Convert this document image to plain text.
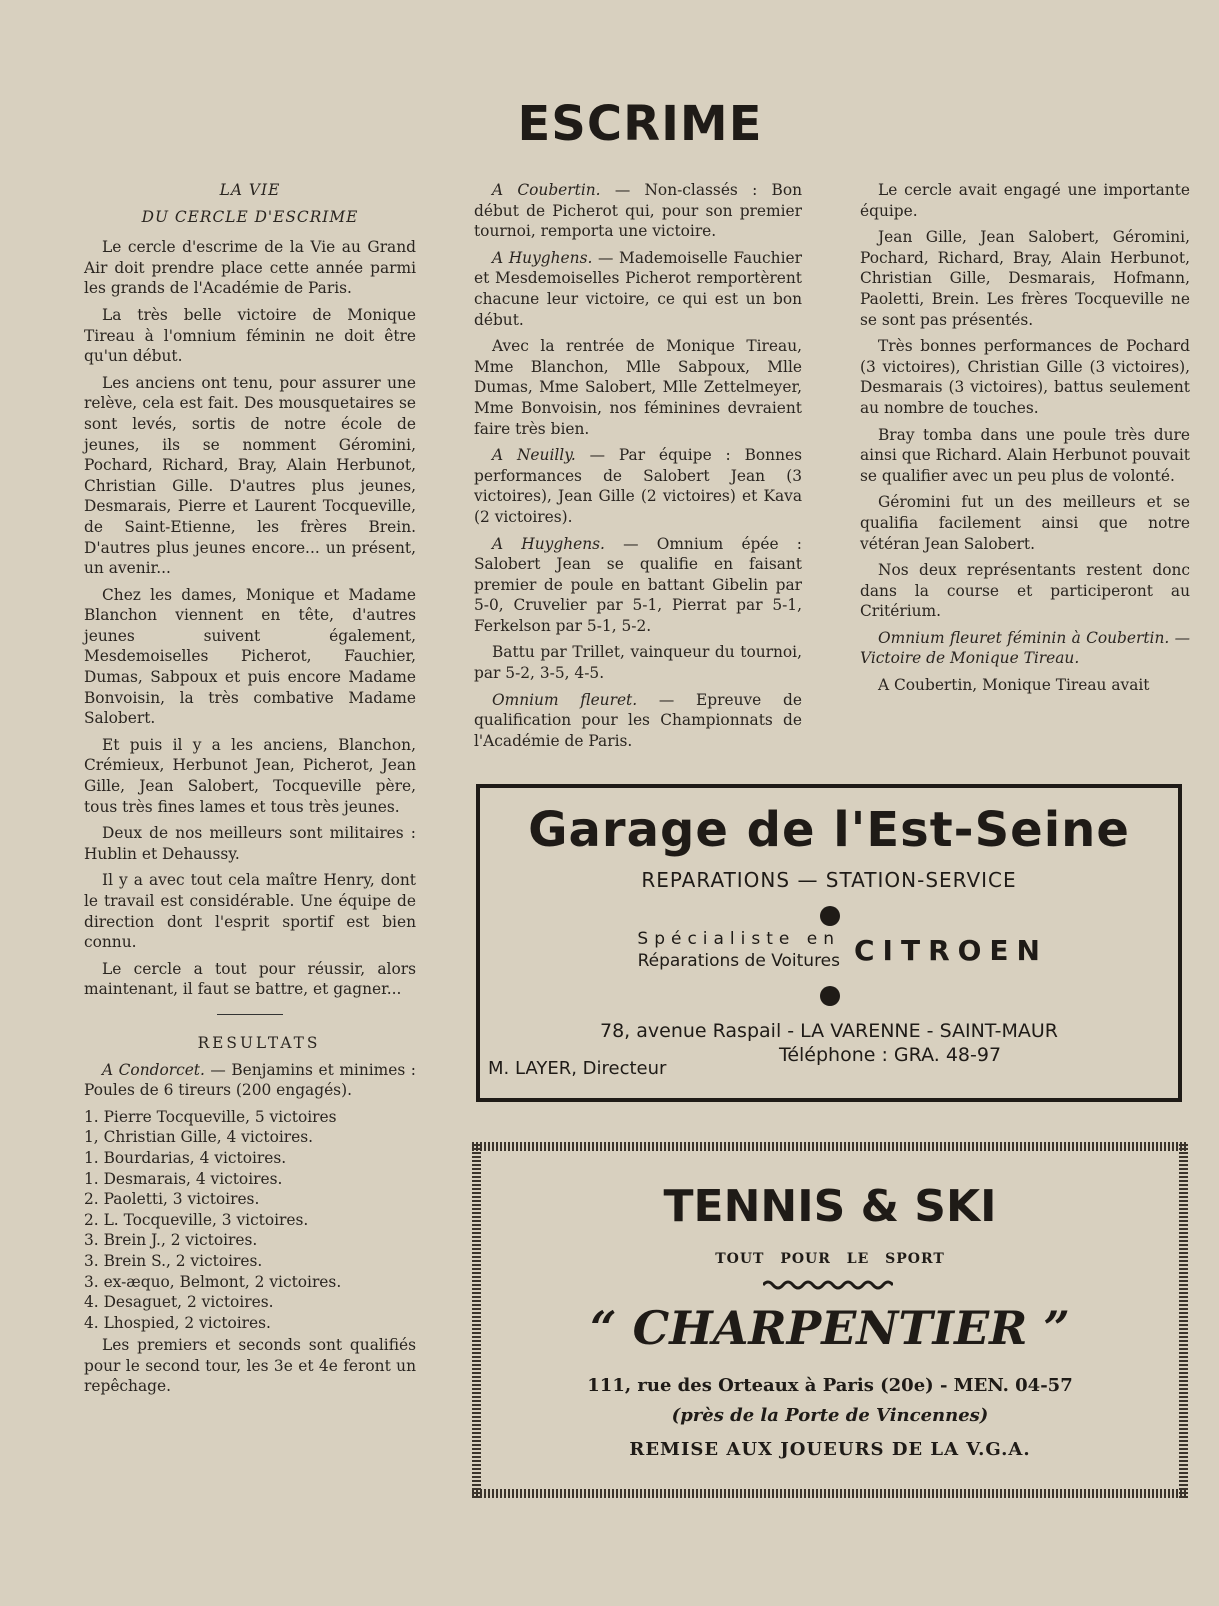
ESCRIME

LA VIE

DU CERCLE D'ESCRIME

Le cercle d'escrime de la Vie au Grand Air doit prendre place cette année parmi les grands de l'Académie de Paris.

La très belle victoire de Monique Tireau à l'omnium féminin ne doit être qu'un début.

Les anciens ont tenu, pour assurer une relève, cela est fait. Des mousquetaires se sont levés, sortis de notre école de jeunes, ils se nomment Géromini, Pochard, Richard, Bray, Alain Herbunot, Christian Gille. D'autres plus jeunes, Desmarais, Pierre et Laurent Tocqueville, de Saint-Etienne, les frères Brein. D'autres plus jeunes encore... un présent, un avenir...

Chez les dames, Monique et Madame Blanchon viennent en tête, d'autres jeunes suivent également, Mesdemoiselles Picherot, Fauchier, Dumas, Sabpoux et puis encore Madame Bonvoisin, la très combative Madame Salobert.

Et puis il y a les anciens, Blanchon, Crémieux, Herbunot Jean, Picherot, Jean Gille, Jean Salobert, Tocqueville père, tous très fines lames et tous très jeunes.

Deux de nos meilleurs sont militaires : Hublin et Dehaussy.

Il y a avec tout cela maître Henry, dont le travail est considérable. Une équipe de direction dont l'esprit sportif est bien connu.

Le cercle a tout pour réussir, alors maintenant, il faut se battre, et gagner...

RESULTATS

A Condorcet. — Benjamins et minimes : Poules de 6 tireurs (200 engagés).

1. Pierre Tocqueville, 5 victoires
1, Christian Gille, 4 victoires.
1. Bourdarias, 4 victoires.
1. Desmarais, 4 victoires.
2. Paoletti, 3 victoires.
2. L. Tocqueville, 3 victoires.
3. Brein J., 2 victoires.
3. Brein S., 2 victoires.
3. ex-æquo, Belmont, 2 victoires.
4. Desaguet, 2 victoires.
4. Lhospied, 2 victoires.

Les premiers et seconds sont qualifiés pour le second tour, les 3e et 4e feront un repêchage.

A Coubertin. — Non-classés : Bon début de Picherot qui, pour son premier tournoi, remporta une victoire.

A Huyghens. — Mademoiselle Fauchier et Mesdemoiselles Picherot remportèrent chacune leur victoire, ce qui est un bon début.

Avec la rentrée de Monique Tireau, Mme Blanchon, Mlle Sabpoux, Mlle Dumas, Mme Salobert, Mlle Zettelmeyer, Mme Bonvoisin, nos féminines devraient faire très bien.

A Neuilly. — Par équipe : Bonnes performances de Salobert Jean (3 victoires), Jean Gille (2 victoires) et Kava (2 victoires).

A Huyghens. — Omnium épée : Salobert Jean se qualifie en faisant premier de poule en battant Gibelin par 5-0, Cruvelier par 5-1, Pierrat par 5-1, Ferkelson par 5-1, 5-2.

Battu par Trillet, vainqueur du tournoi, par 5-2, 3-5, 4-5.

Omnium fleuret. — Epreuve de qualification pour les Championnats de l'Académie de Paris.

Le cercle avait engagé une importante équipe.

Jean Gille, Jean Salobert, Géromini, Pochard, Richard, Bray, Alain Herbunot, Christian Gille, Desmarais, Hofmann, Paoletti, Brein. Les frères Tocqueville ne se sont pas présentés.

Très bonnes performances de Pochard (3 victoires), Christian Gille (3 victoires), Desmarais (3 victoires), battus seulement au nombre de touches.

Bray tomba dans une poule très dure ainsi que Richard. Alain Herbunot pouvait se qualifier avec un peu plus de volonté.

Géromini fut un des meilleurs et se qualifia facilement ainsi que notre vétéran Jean Salobert.

Nos deux représentants restent donc dans la course et participeront au Critérium.

Omnium fleuret féminin à Coubertin. — Victoire de Monique Tireau.

A Coubertin, Monique Tireau avait

Garage de l'Est-Seine
REPARATIONS — STATION-SERVICE
Spécialiste en
Réparations de Voitures CITROEN
78, avenue Raspail - LA VARENNE - SAINT-MAUR
Téléphone : GRA. 48-97
M. LAYER, Directeur
TENNIS & SKI
TOUT POUR LE SPORT
“ CHARPENTIER ”
111, rue des Orteaux à Paris (20e) - MEN. 04-57
(près de la Porte de Vincennes)
REMISE AUX JOUEURS DE LA V.G.A.
